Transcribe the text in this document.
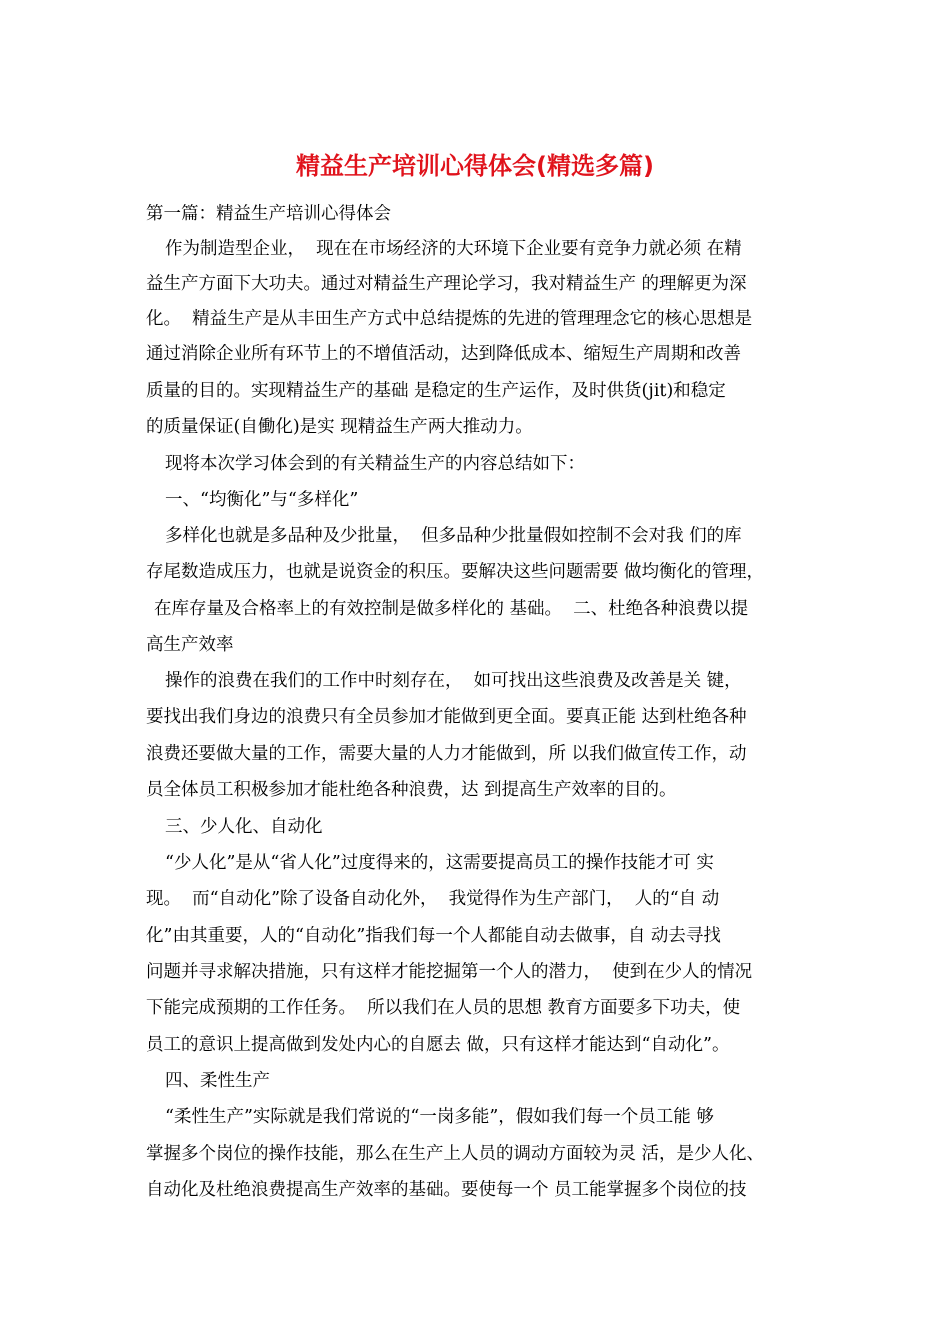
精益生产培训心得体会(精选多篇)
第一篇：精益生产培训心得体会
作为制造型企业，  现在在市场经济的大环境下企业要有竞争力就必须 在精
益生产方面下大功夫。通过对精益生产理论学习，我对精益生产 的理解更为深
化。  精益生产是从丰田生产方式中总结提炼的先进的管理理念它的核心思想是
通过消除企业所有环节上的不增值活动，达到降低成本、缩短生产周期和改善
质量的目的。实现精益生产的基础 是稳定的生产运作，及时供货(jit)和稳定
的质量保证(自働化)是实 现精益生产两大推动力。
现将本次学习体会到的有关精益生产的内容总结如下：
一、“均衡化”与“多样化”
多样化也就是多品种及少批量，  但多品种少批量假如控制不会对我 们的库
存尾数造成压力，也就是说资金的积压。要解决这些问题需要 做均衡化的管理，
在库存量及合格率上的有效控制是做多样化的 基础。  二、杜绝各种浪费以提
高生产效率
操作的浪费在我们的工作中时刻存在，  如可找出这些浪费及改善是关 键，
要找出我们身边的浪费只有全员参加才能做到更全面。要真正能 达到杜绝各种
浪费还要做大量的工作，需要大量的人力才能做到，所 以我们做宣传工作，动
员全体员工积极参加才能杜绝各种浪费，达 到提高生产效率的目的。
三、少人化、自动化
“少人化”是从“省人化”过度得来的，这需要提高员工的操作技能才可 实
现。  而“自动化”除了设备自动化外，  我觉得作为生产部门，  人的“自 动
化”由其重要，人的“自动化”指我们每一个人都能自动去做事，自 动去寻找
问题并寻求解决措施，只有这样才能挖掘第一个人的潜力，  使到在少人的情况
下能完成预期的工作任务。  所以我们在人员的思想 教育方面要多下功夫，使
员工的意识上提高做到发处内心的自愿去 做，只有这样才能达到“自动化”。
四、柔性生产
“柔性生产”实际就是我们常说的“一岗多能”，假如我们每一个员工能 够
掌握多个岗位的操作技能，那么在生产上人员的调动方面较为灵 活，是少人化、
自动化及杜绝浪费提高生产效率的基础。要使每一个 员工能掌握多个岗位的技
